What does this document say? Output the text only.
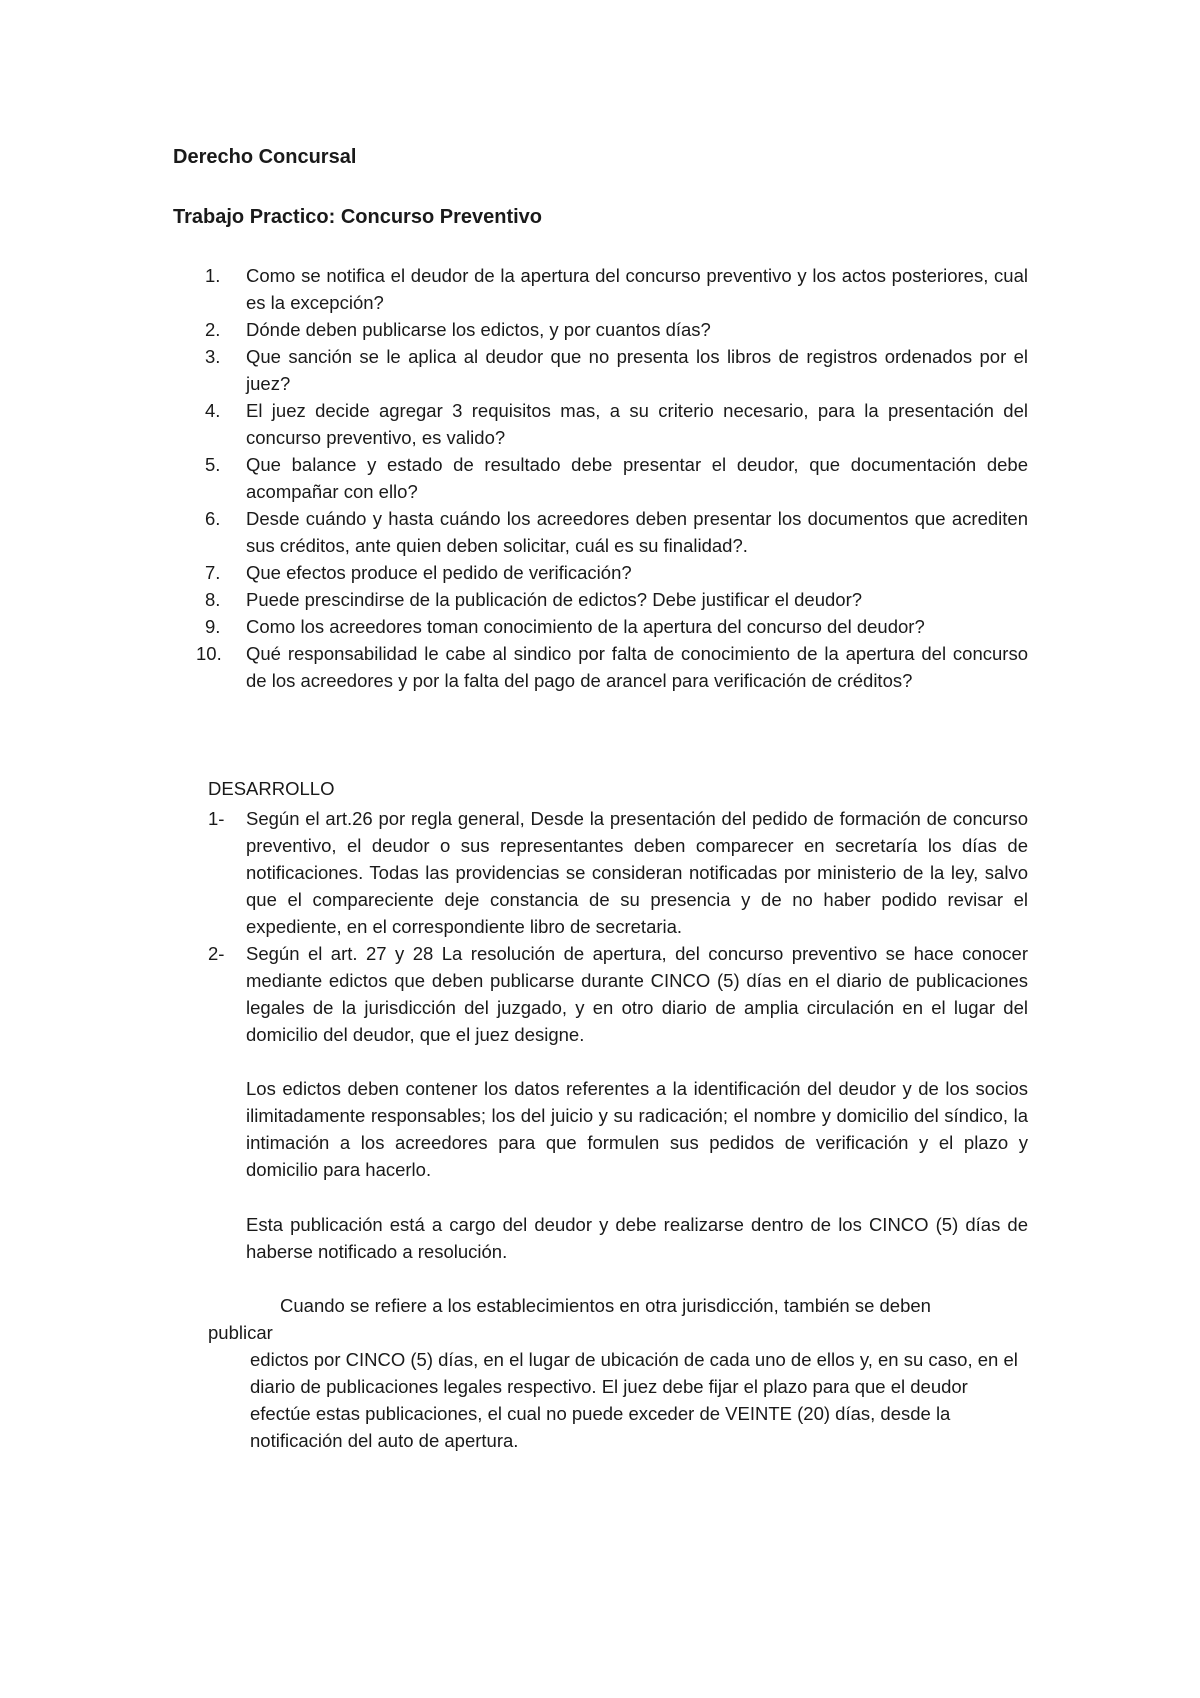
Derecho Concursal
Trabajo Practico: Concurso Preventivo
1. Como se notifica el deudor de la apertura del concurso preventivo y los actos posteriores, cual es la excepción?
2. Dónde deben publicarse los edictos, y por cuantos días?
3. Que sanción se le aplica al deudor que no presenta los libros de registros ordenados por el juez?
4. El juez decide agregar 3 requisitos mas, a su criterio necesario, para la presentación del concurso preventivo, es valido?
5. Que balance y estado de resultado debe presentar el deudor, que documentación debe acompañar con ello?
6. Desde cuándo y hasta cuándo los acreedores deben presentar los documentos que acrediten sus créditos, ante quien deben solicitar, cuál es su finalidad?.
7. Que efectos produce el pedido de verificación?
8. Puede prescindirse de la publicación de edictos? Debe justificar el deudor?
9. Como los acreedores toman conocimiento de la apertura del concurso del deudor?
10. Qué responsabilidad le cabe al sindico por falta de conocimiento de la apertura del concurso de los acreedores y por la falta del pago de arancel para verificación de créditos?
DESARROLLO
1- Según el art.26 por regla general, Desde la presentación del pedido de formación de concurso preventivo, el deudor o sus representantes deben comparecer en secretaría los días de notificaciones. Todas las providencias se consideran notificadas por ministerio de la ley, salvo que el compareciente deje constancia de su presencia y de no haber podido revisar el expediente, en el correspondiente libro de secretaria.
2- Según el art. 27 y 28 La resolución de apertura, del concurso preventivo se hace conocer mediante edictos que deben publicarse durante CINCO (5) días en el diario de publicaciones legales de la jurisdicción del juzgado, y en otro diario de amplia circulación en el lugar del domicilio del deudor, que el juez designe.

Los edictos deben contener los datos referentes a la identificación del deudor y de los socios ilimitadamente responsables; los del juicio y su radicación; el nombre y domicilio del síndico, la intimación a los acreedores para que formulen sus pedidos de verificación y el plazo y domicilio para hacerlo.

Esta publicación está a cargo del deudor y debe realizarse dentro de los CINCO (5) días de haberse notificado a resolución.

Cuando se refiere a los establecimientos en otra jurisdicción, también se deben
publicar

edictos por CINCO (5) días, en el lugar de ubicación de cada uno de ellos y, en su caso, en el diario de publicaciones legales respectivo. El juez debe fijar el plazo para que el deudor efectúe estas publicaciones, el cual no puede exceder de VEINTE (20) días, desde la notificación del auto de apertura.
